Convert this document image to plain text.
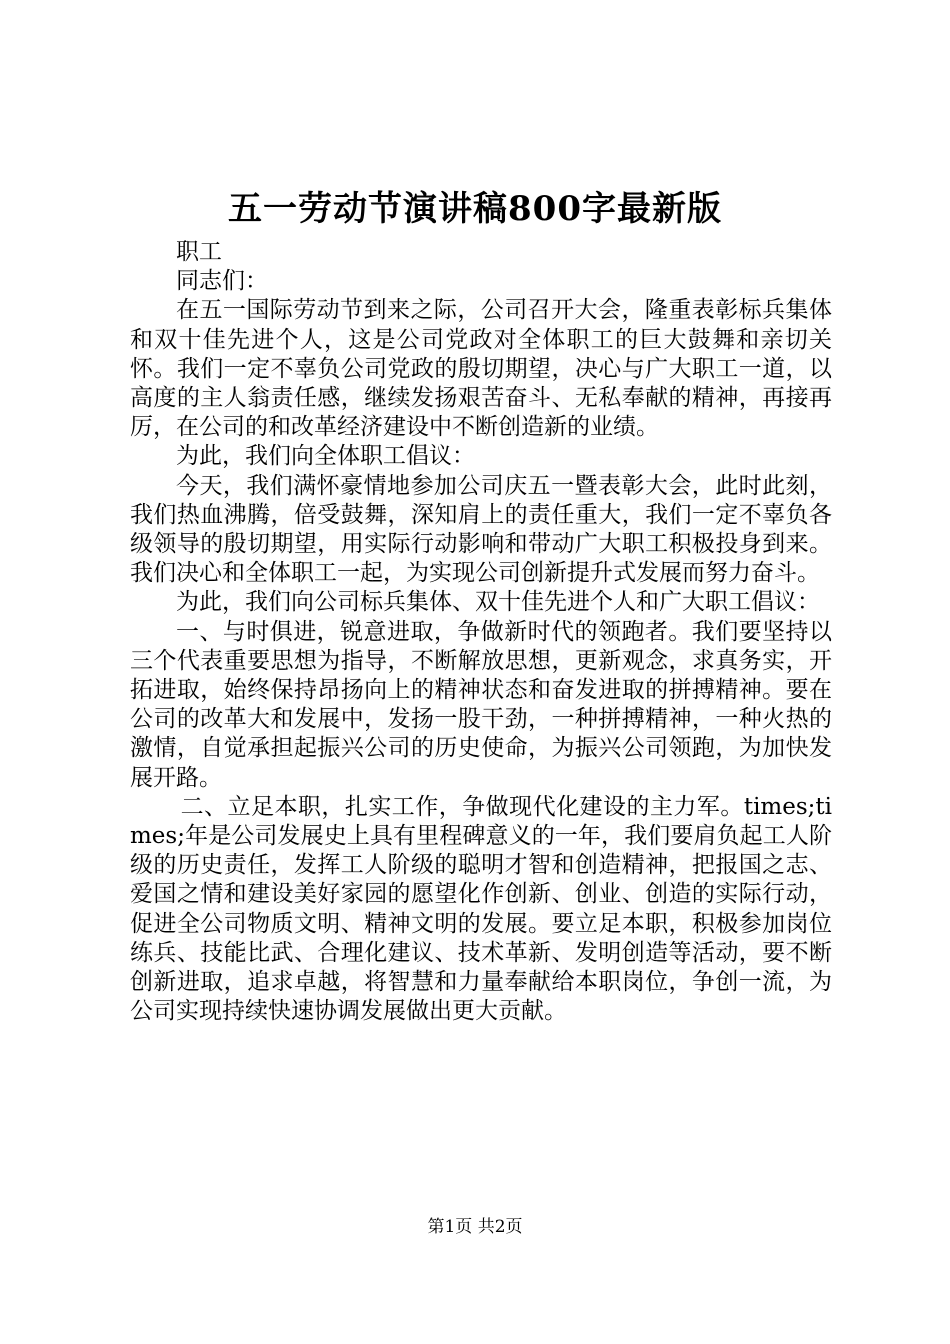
五一劳动节演讲稿800字最新版

职工

同志们：

在五一国际劳动节到来之际，公司召开大会，隆重表彰标兵集体和双十佳先进个人，这是公司党政对全体职工的巨大鼓舞和亲切关怀。我们一定不辜负公司党政的殷切期望，决心与广大职工一道，以高度的主人翁责任感，继续发扬艰苦奋斗、无私奉献的精神，再接再厉，在公司的和改革经济建设中不断创造新的业绩。

为此，我们向全体职工倡议：

今天，我们满怀豪情地参加公司庆五一暨表彰大会，此时此刻，我们热血沸腾，倍受鼓舞，深知肩上的责任重大，我们一定不辜负各级领导的殷切期望，用实际行动影响和带动广大职工积极投身到来。我们决心和全体职工一起，为实现公司创新提升式发展而努力奋斗。

为此，我们向公司标兵集体、双十佳先进个人和广大职工倡议：

一、与时俱进，锐意进取，争做新时代的领跑者。我们要坚持以三个代表重要思想为指导，不断解放思想，更新观念，求真务实，开拓进取，始终保持昂扬向上的精神状态和奋发进取的拼搏精神。要在公司的改革大和发展中，发扬一股干劲，一种拼搏精神，一种火热的激情，自觉承担起振兴公司的历史使命，为振兴公司领跑，为加快发展开路。

二、立足本职，扎实工作，争做现代化建设的主力军。times;times;年是公司发展史上具有里程碑意义的一年，我们要肩负起工人阶级的历史责任，发挥工人阶级的聪明才智和创造精神，把报国之志、爱国之情和建设美好家园的愿望化作创新、创业、创造的实际行动，促进全公司物质文明、精神文明的发展。要立足本职，积极参加岗位练兵、技能比武、合理化建议、技术革新、发明创造等活动，要不断创新进取，追求卓越，将智慧和力量奉献给本职岗位，争创一流，为公司实现持续快速协调发展做出更大贡献。

第1页 共2页
